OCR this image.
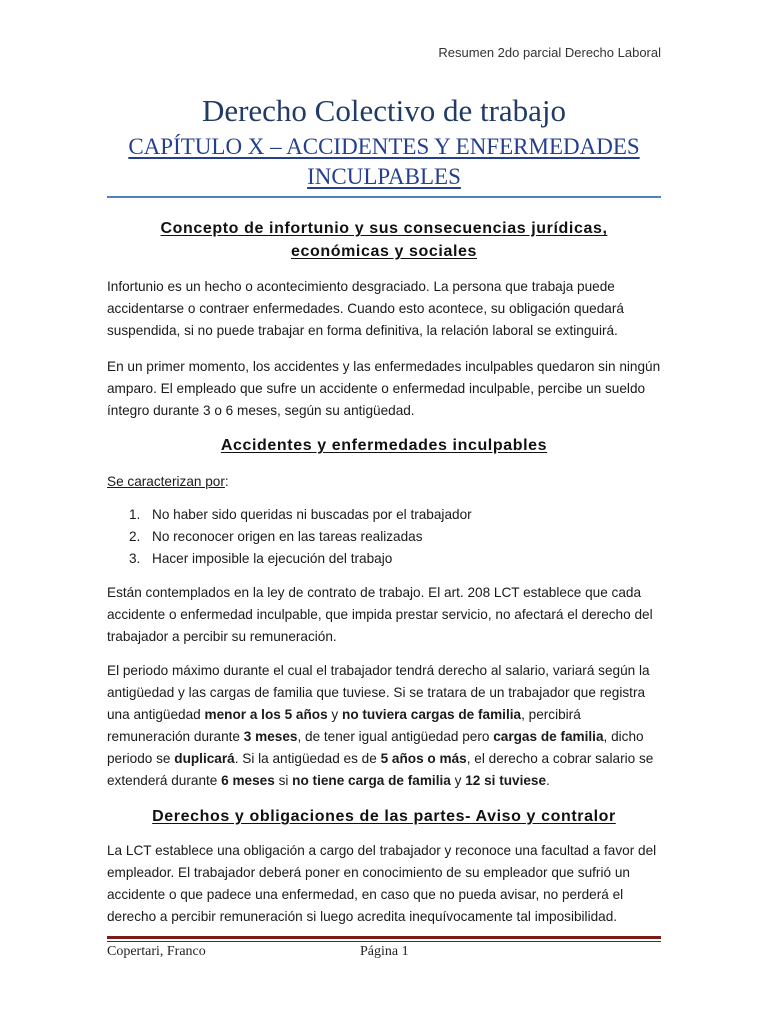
Resumen 2do parcial Derecho Laboral
Derecho Colectivo de trabajo
CAPÍTULO X – ACCIDENTES Y ENFERMEDADES
INCULPABLES
Concepto de infortunio y sus consecuencias jurídicas,
económicas y sociales

Infortunio es un hecho o acontecimiento desgraciado. La persona que trabaja puede accidentarse o contraer enfermedades. Cuando esto acontece, su obligación quedará suspendida, si no puede trabajar en forma definitiva, la relación laboral se extinguirá.

En un primer momento, los accidentes y las enfermedades inculpables quedaron sin ningún amparo. El empleado que sufre un accidente o enfermedad inculpable, percibe un sueldo íntegro durante 3 o 6 meses, según su antigüedad.

Accidentes y enfermedades inculpables

Se caracterizan por:

1. No haber sido queridas ni buscadas por el trabajador
2. No reconocer origen en las tareas realizadas
3. Hacer imposible la ejecución del trabajo

Están contemplados en la ley de contrato de trabajo. El art. 208 LCT establece que cada accidente o enfermedad inculpable, que impida prestar servicio, no afectará el derecho del trabajador a percibir su remuneración.

El periodo máximo durante el cual el trabajador tendrá derecho al salario, variará según la antigüedad y las cargas de familia que tuviese. Si se tratara de un trabajador que registra una antigüedad menor a los 5 años y no tuviera cargas de familia, percibirá remuneración durante 3 meses, de tener igual antigüedad pero cargas de familia, dicho periodo se duplicará. Si la antigüedad es de 5 años o más, el derecho a cobrar salario se extenderá durante 6 meses si no tiene carga de familia y 12 si tuviese.

Derechos y obligaciones de las partes- Aviso y contralor

La LCT establece una obligación a cargo del trabajador y reconoce una facultad a favor del empleador. El trabajador deberá poner en conocimiento de su empleador que sufrió un accidente o que padece una enfermedad, en caso que no pueda avisar, no perderá el derecho a percibir remuneración si luego acredita inequívocamente tal imposibilidad.

Copertari, Franco	Página 1
